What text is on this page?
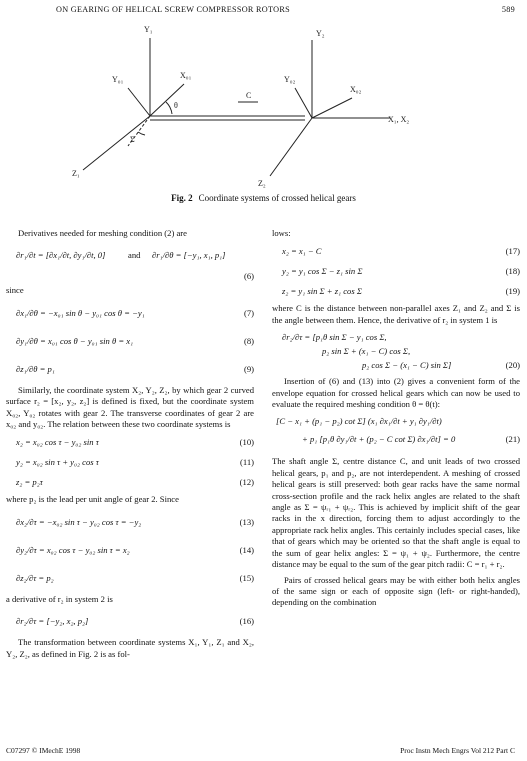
ON GEARING OF HELICAL SCREW COMPRESSOR ROTORS	589
Y₁
Y₀₁	X₀₁
θ
Σ
Z₁
C
Y₂
Y₀₂
X₀₂
X₁, X₂
Z₂
Fig. 2 Coordinate systems of crossed helical gears

Derivatives needed for meshing condition (2) are

∂r₁/∂t = [∂x₁/∂t, ∂y₁/∂t, 0]	and ∂r₁/∂θ = [−y₁, x₁, p₁]
(6)

since

∂x₁/∂θ = −x₀₁ sin θ − y₀₁ cos θ = −y₁	(7)
∂y₁/∂θ = x₀₁ cos θ − y₀₁ sin θ = x₁	(8)
∂z₁/∂θ = p₁	(9)

Similarly, the coordinate system X₂, Y₂, Z₂, by which gear 2 curved surface r₂ = [x₂, y₂, z₂] is defined is fixed, but the coordinate system X₀₂, Y₀₂ rotates with gear 2. The transverse coordinates of gear 2 are x₀₂ and y₀₂. The relation between these two coordinate systems is

x₂ = x₀₂ cos τ − y₀₂ sin τ	(10)
y₂ = x₀₂ sin τ + y₀₂ cos τ	(11)
z₂ = p₂τ	(12)

where p₂ is the lead per unit angle of gear 2. Since

∂x₂/∂τ = −x₀₂ sin τ − y₀₂ cos τ = −y₂	(13)
∂y₂/∂τ = x₀₂ cos τ − y₀₂ sin τ = x₂	(14)
∂z₂/∂τ = p₂	(15)

a derivative of r₂ in system 2 is

∂r₂/∂τ = [−y₂, x₂, p₂]	(16)

The transformation between coordinate systems X₁, Y₁, Z₁ and X₂, Y₂, Z₂, as defined in Fig. 2 is as fol-

lows:

x₂ = x₁ − C	(17)
y₂ = y₁ cos Σ − z₁ sin Σ	(18)
z₂ = y₁ sin Σ + z₁ cos Σ	(19)

where C is the distance between non-parallel axes Z₁ and Z₂ and Σ is the angle between them. Hence, the derivative of r₂ in system 1 is

∂r₂/∂τ = [p₁θ sin Σ − y₁ cos Σ,
p₂ sin Σ + (x₁ − C) cos Σ,
p₂ cos Σ − (x₁ − C) sin Σ]	(20)

Insertion of (6) and (13) into (2) gives a convenient form of the envelope equation for crossed helical gears which can now be used to evaluate the required meshing condition θ = θ(t):

[C − x₁ + (p₁ − p₂) cot Σ] (x₁ ∂x₁/∂t + y₁ ∂y₁/∂t)
+ p₁ [p₁θ ∂y₁/∂t + (p₂ − C cot Σ) ∂x₁/∂t] = 0	(21)

The shaft angle Σ, centre distance C, and unit leads of two crossed helical gears, p₁ and p₂, are not interdependent. A meshing of crossed helical gears is still preserved: both gear racks have the same normal cross-section profile and the rack helix angles are related to the shaft angle as Σ = ψᵣ₁ + ψᵣ₂. This is achieved by implicit shift of the gear racks in the x direction, forcing them to adjust accordingly to the appropriate rack helix angles. This certainly includes special cases, like that of gears which may be oriented so that the shaft angle is equal to the sum of gear helix angles: Σ = ψ₁ + ψ₂. Furthermore, the centre distance may be equal to the sum of the gear pitch radii: C = r₁ + r₂.

Pairs of crossed helical gears may be with either both helix angles of the same sign or each of opposite sign (left- or right-handed), depending on the combination

C07297 © IMechE 1998	Proc Instn Mech Engrs Vol 212 Part C
